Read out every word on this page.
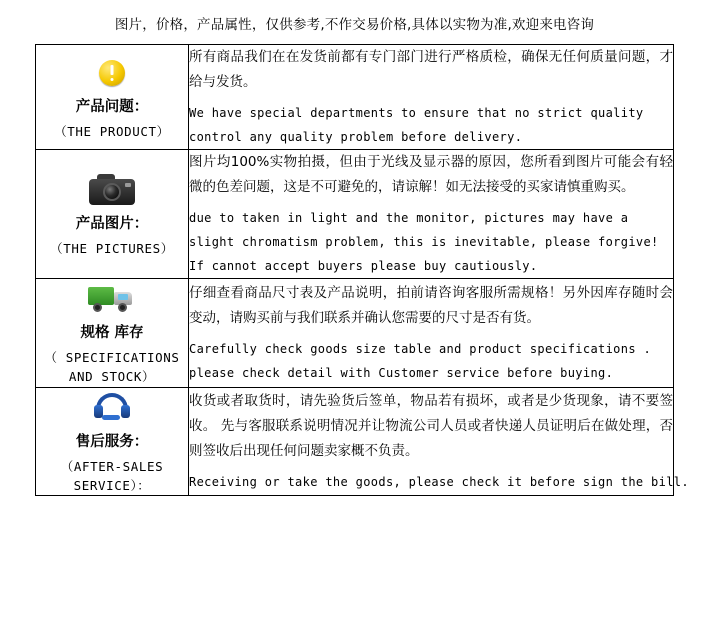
图片，价格，产品属性，仅供参考,不作交易价格,具体以实物为准,欢迎来电咨询
产品问题：
（THE PRODUCT）

所有商品我们在在发货前都有专门部门进行严格质检，确保无任何质量问题，才给与发货。
We have special departments to ensure that no strict quality
control any quality problem before delivery.

产品图片：
（THE PICTURES）

图片均100%实物拍摄，但由于光线及显示器的原因，您所看到图片可能会有轻微的色差问题，这是不可避免的，请谅解！如无法接受的买家请慎重购买。
due to taken in light and the monitor, pictures may have a
slight chromatism problem, this is inevitable, please forgive!
If cannot accept buyers please buy cautiously.

规格 库存
（ SPECIFICATIONS
AND STOCK）

仔细查看商品尺寸表及产品说明，拍前请咨询客服所需规格！另外因库存随时会变动，请购买前与我们联系并确认您需要的尺寸是否有货。
Carefully check goods size table and product specifications .
please check detail with Customer service before buying.

售后服务：
（AFTER-SALES
SERVICE）：

收货或者取货时，请先验货后签单，物品若有损坏，或者是少货现象，请不要签收。 先与客服联系说明情况并让物流公司人员或者快递人员证明后在做处理，否则签收后出现任何问题卖家概不负责。
Receiving or take the goods, please check it before sign the bill.
